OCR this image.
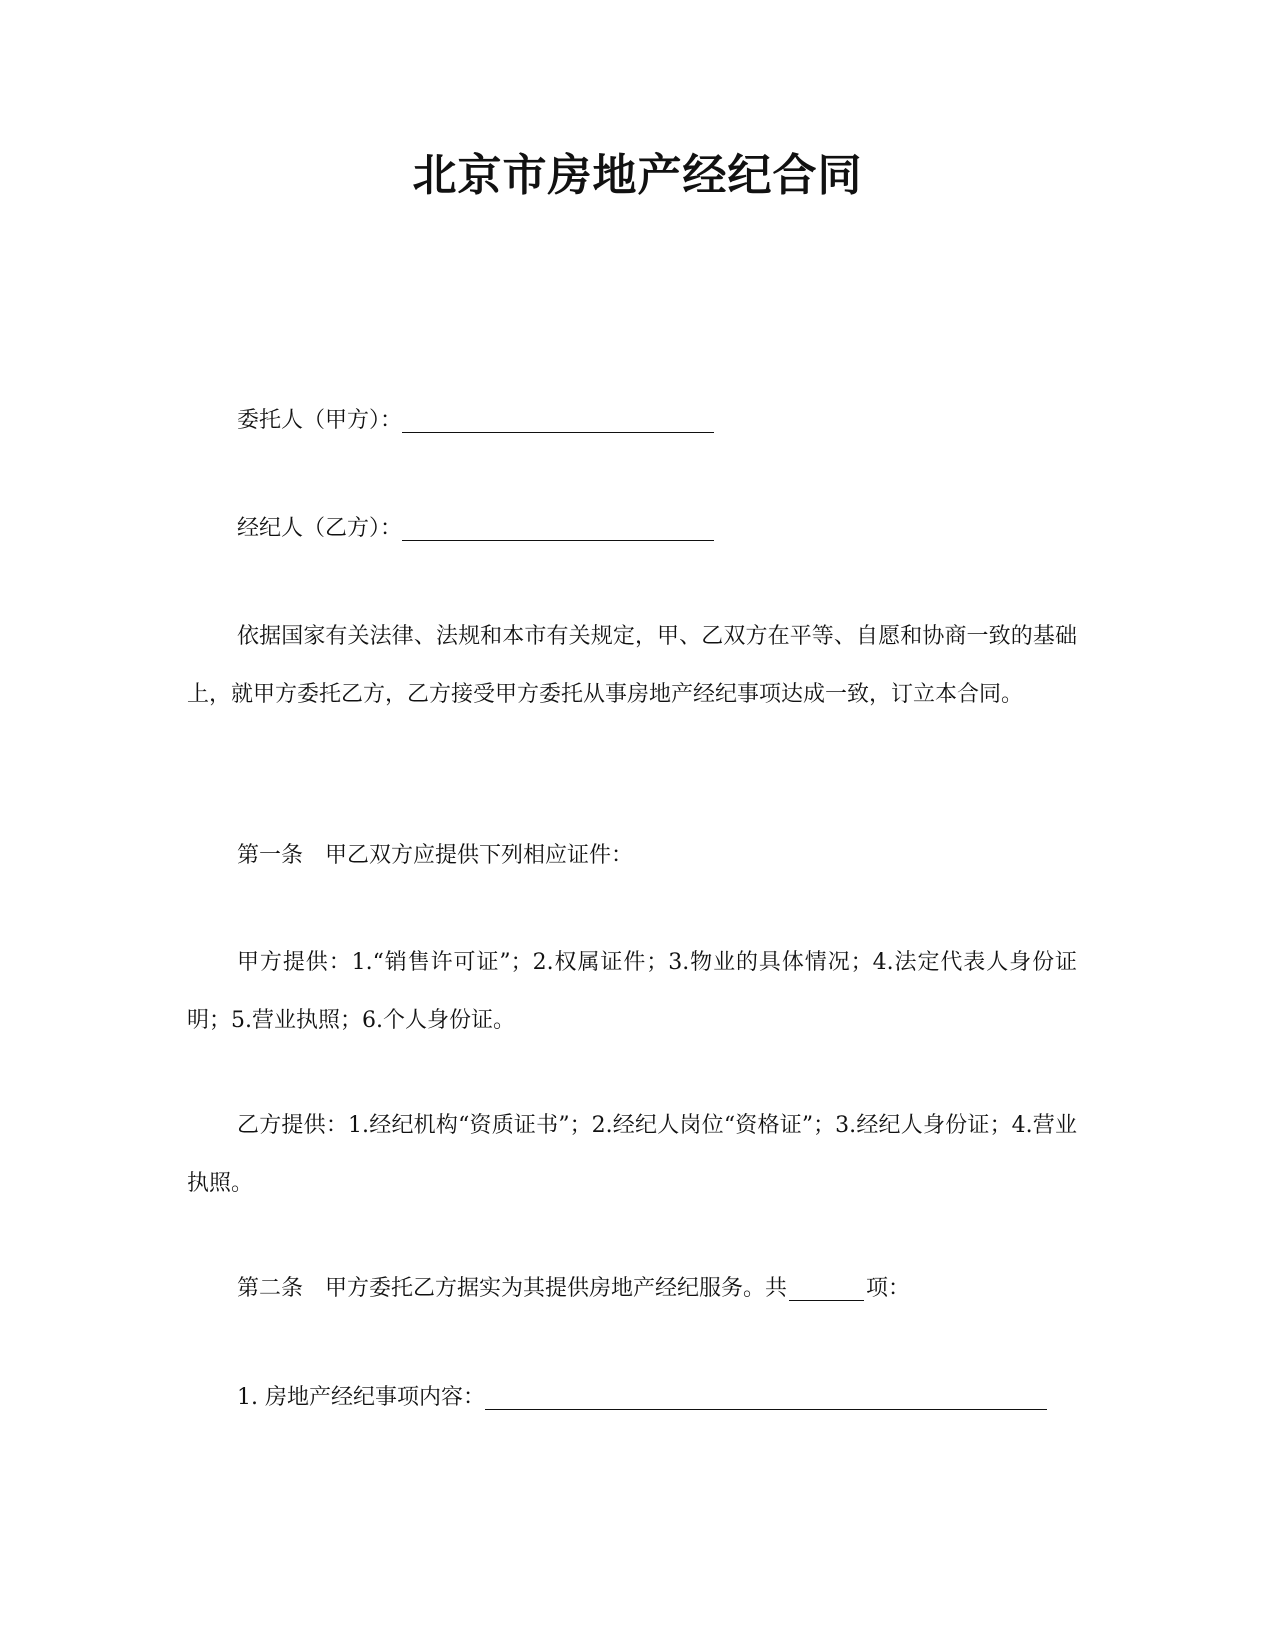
北京市房地产经纪合同
委托人（甲方）：
经纪人（乙方）：

依据国家有关法律、法规和本市有关规定，甲、乙双方在平等、自愿和协商一致的基础上，就甲方委托乙方，乙方接受甲方委托从事房地产经纪事项达成一致，订立本合同。

第一条　甲乙双方应提供下列相应证件：

甲方提供：1.“销售许可证”；2.权属证件；3.物业的具体情况；4.法定代表人身份证明；5.营业执照；6.个人身份证。

乙方提供：1.经纪机构“资质证书”；2.经纪人岗位“资格证”；3.经纪人身份证；4.营业执照。

第二条　甲方委托乙方据实为其提供房地产经纪服务。共	项：
1. 房地产经纪事项内容：
